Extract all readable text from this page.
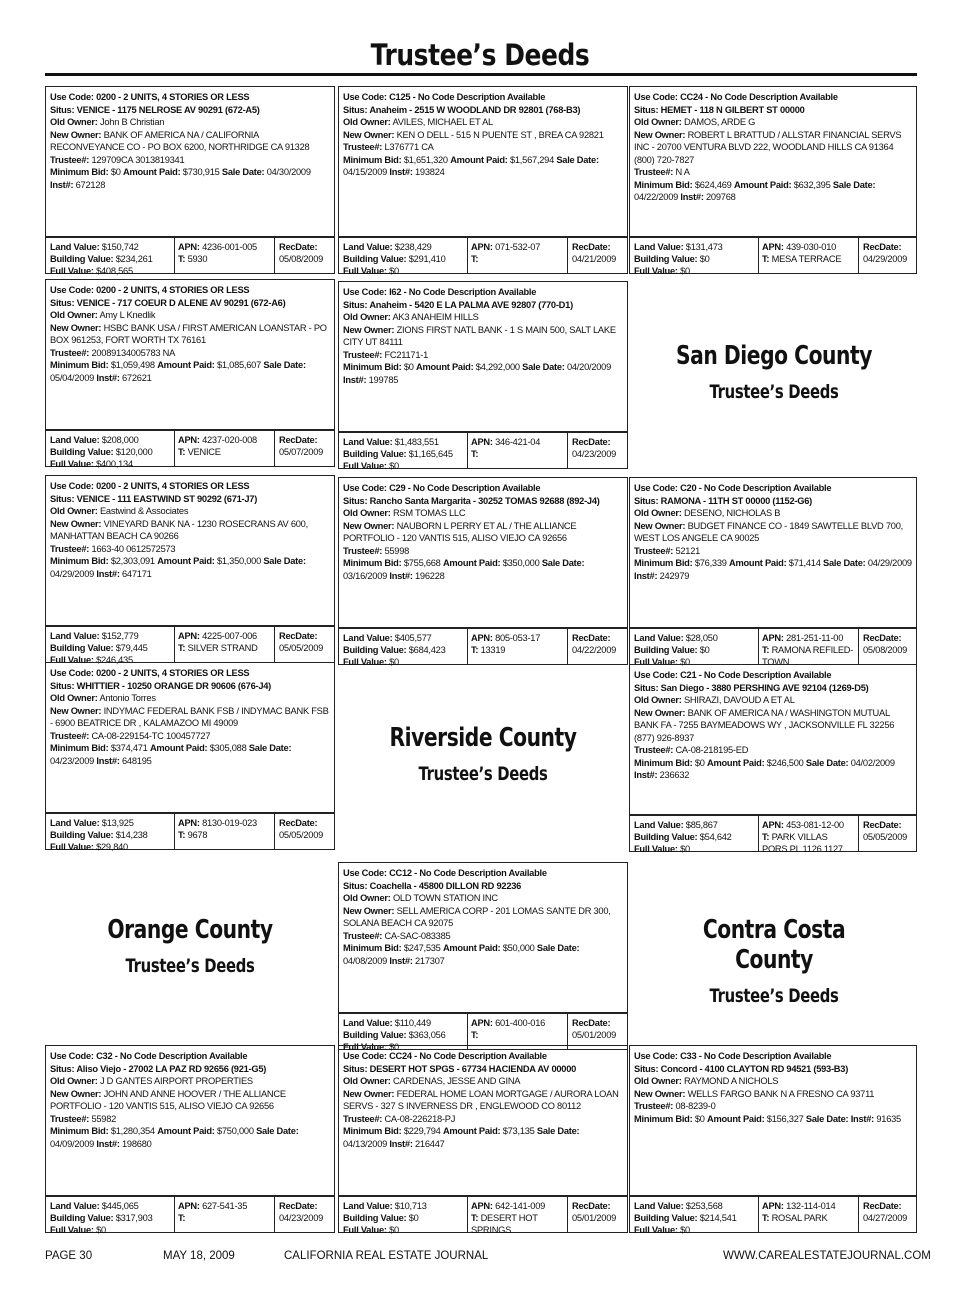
Trustee’s Deeds
Use Code: 0200 - 2 UNITS, 4 STORIES OR LESS
Situs: VENICE - 1175 NELROSE AV 90291 (672-A5)
Old Owner: John B Christian
New Owner: BANK OF AMERICA NA / CALIFORNIA RECONVEYANCE CO - PO BOX 6200, NORTHRIDGE CA 91328
Trustee#: 129709CA 3013819341
Minimum Bid: $0 Amount Paid: $730,915 Sale Date: 04/30/2009 Inst#: 672128
Land Value: $150,742
Building Value: $234,261
Full Value: $408,565
APN: 4236-001-005
T: 5930
RecDate:
05/08/2009
Use Code: 0200 - 2 UNITS, 4 STORIES OR LESS
Situs: VENICE - 717 COEUR D ALENE AV 90291 (672-A6)
Old Owner: Amy L Knedlik
New Owner: HSBC BANK USA / FIRST AMERICAN LOANSTAR - PO BOX 961253, FORT WORTH TX 76161
Trustee#: 20089134005783 NA
Minimum Bid: $1,059,498 Amount Paid: $1,085,607 Sale Date: 05/04/2009 Inst#: 672621
Land Value: $208,000
Building Value: $120,000
Full Value: $400,134
APN: 4237-020-008
T: VENICE
RecDate:
05/07/2009
Use Code: 0200 - 2 UNITS, 4 STORIES OR LESS
Situs: VENICE - 111 EASTWIND ST 90292 (671-J7)
Old Owner: Eastwind & Associates
New Owner: VINEYARD BANK NA - 1230 ROSECRANS AV 600, MANHATTAN BEACH CA 90266
Trustee#: 1663-40 0612572573
Minimum Bid: $2,303,091 Amount Paid: $1,350,000 Sale Date: 04/29/2009 Inst#: 647171
Land Value: $152,779
Building Value: $79,445
Full Value: $246,435
APN: 4225-007-006
T: SILVER STRAND
RecDate:
05/05/2009
Use Code: 0200 - 2 UNITS, 4 STORIES OR LESS
Situs: WHITTIER - 10250 ORANGE DR 90606 (676-J4)
Old Owner: Antonio Torres
New Owner: INDYMAC FEDERAL BANK FSB / INDYMAC BANK FSB - 6900 BEATRICE DR , KALAMAZOO MI 49009
Trustee#: CA-08-229154-TC 100457727
Minimum Bid: $374,471 Amount Paid: $305,088 Sale Date: 04/23/2009 Inst#: 648195
Land Value: $13,925
Building Value: $14,238
Full Value: $29,840
APN: 8130-019-023
T: 9678
RecDate:
05/05/2009
Use Code: C32 - No Code Description Available
Situs: Aliso Viejo - 27002 LA PAZ RD 92656 (921-G5)
Old Owner: J D GANTES AIRPORT PROPERTIES
New Owner: JOHN AND ANNE HOOVER / THE ALLIANCE PORTFOLIO - 120 VANTIS 515, ALISO VIEJO CA 92656
Trustee#: 55982
Minimum Bid: $1,280,354 Amount Paid: $750,000 Sale Date: 04/09/2009 Inst#: 198680
Land Value: $445,065
Building Value: $317,903
Full Value: $0
APN: 627-541-35
T:
RecDate:
04/23/2009
Use Code: C125 - No Code Description Available
Situs: Anaheim - 2515 W WOODLAND DR 92801 (768-B3)
Old Owner: AVILES, MICHAEL ET AL
New Owner: KEN O DELL - 515 N PUENTE ST , BREA CA 92821
Trustee#: L376771 CA
Minimum Bid: $1,651,320 Amount Paid: $1,567,294 Sale Date: 04/15/2009 Inst#: 193824
Land Value: $238,429
Building Value: $291,410
Full Value: $0
APN: 071-532-07
T:
RecDate:
04/21/2009
Use Code: I62 - No Code Description Available
Situs: Anaheim - 5420 E LA PALMA AVE 92807 (770-D1)
Old Owner: AK3 ANAHEIM HILLS
New Owner: ZIONS FIRST NATL BANK - 1 S MAIN 500, SALT LAKE CITY UT 84111
Trustee#: FC21171-1
Minimum Bid: $0 Amount Paid: $4,292,000 Sale Date: 04/20/2009 Inst#: 199785
Land Value: $1,483,551
Building Value: $1,165,645
Full Value: $0
APN: 346-421-04
T:
RecDate:
04/23/2009
Use Code: C29 - No Code Description Available
Situs: Rancho Santa Margarita - 30252 TOMAS 92688 (892-J4)
Old Owner: RSM TOMAS LLC
New Owner: NAUBORN L PERRY ET AL / THE ALLIANCE PORTFOLIO - 120 VANTIS 515, ALISO VIEJO CA 92656
Trustee#: 55998
Minimum Bid: $755,668 Amount Paid: $350,000 Sale Date: 03/16/2009 Inst#: 196228
Land Value: $405,577
Building Value: $684,423
Full Value: $0
APN: 805-053-17
T: 13319
RecDate:
04/22/2009
Use Code: CC12 - No Code Description Available
Situs: Coachella - 45800 DILLON RD 92236
Old Owner: OLD TOWN STATION INC
New Owner: SELL AMERICA CORP - 201 LOMAS SANTE DR 300, SOLANA BEACH CA 92075
Trustee#: CA-SAC-083385
Minimum Bid: $247,535 Amount Paid: $50,000 Sale Date: 04/08/2009 Inst#: 217307
Land Value: $110,449
Building Value: $363,056
Full Value: $0
APN: 601-400-016
T:
RecDate:
05/01/2009
Use Code: CC24 - No Code Description Available
Situs: DESERT HOT SPGS - 67734 HACIENDA AV 00000
Old Owner: CARDENAS, JESSE AND GINA
New Owner: FEDERAL HOME LOAN MORTGAGE / AURORA LOAN SERVS - 327 S INVERNESS DR , ENGLEWOOD CO 80112
Trustee#: CA-08-226218-PJ
Minimum Bid: $229,794 Amount Paid: $73,135 Sale Date: 04/13/2009 Inst#: 216447
Land Value: $10,713
Building Value: $0
Full Value: $0
APN: 642-141-009
T: DESERT HOT SPRINGS
RecDate:
05/01/2009
Use Code: CC24 - No Code Description Available
Situs: HEMET - 118 N GILBERT ST 00000
Old Owner: DAMOS, ARDE G
New Owner: ROBERT L BRATTUD / ALLSTAR FINANCIAL SERVS INC - 20700 VENTURA BLVD 222, WOODLAND HILLS CA 91364 (800) 720-7827
Trustee#: N A
Minimum Bid: $624,469 Amount Paid: $632,395 Sale Date: 04/22/2009 Inst#: 209768
Land Value: $131,473
Building Value: $0
Full Value: $0
APN: 439-030-010
T: MESA TERRACE
RecDate:
04/29/2009
Use Code: C20 - No Code Description Available
Situs: RAMONA - 11TH ST 00000 (1152-G6)
Old Owner: DESENO, NICHOLAS B
New Owner: BUDGET FINANCE CO - 1849 SAWTELLE BLVD 700, WEST LOS ANGELE CA 90025
Trustee#: 52121
Minimum Bid: $76,339 Amount Paid: $71,414 Sale Date: 04/29/2009 Inst#: 242979
Land Value: $28,050
Building Value: $0
Full Value: $0
APN: 281-251-11-00
T: RAMONA REFILED-TOWN
RecDate:
05/08/2009
Use Code: C21 - No Code Description Available
Situs: San Diego - 3880 PERSHING AVE 92104 (1269-D5)
Old Owner: SHIRAZI, DAVOUD A ET AL
New Owner: BANK OF AMERICA NA / WASHINGTON MUTUAL BANK FA - 7255 BAYMEADOWS WY , JACKSONVILLE FL 32256 (877) 926-8937
Trustee#: CA-08-218195-ED
Minimum Bid: $0 Amount Paid: $246,500 Sale Date: 04/02/2009 Inst#: 236632
Land Value: $85,867
Building Value: $54,642
Full Value: $0
APN: 453-081-12-00
T: PARK VILLAS PORS PL 1126 1127
RecDate:
05/05/2009
Use Code: C33 - No Code Description Available
Situs: Concord - 4100 CLAYTON RD 94521 (593-B3)
Old Owner: RAYMOND A NICHOLS
New Owner: WELLS FARGO BANK N A FRESNO CA 93711
Trustee#: 08-8239-0
Minimum Bid: $0 Amount Paid: $156,327 Sale Date: Inst#: 91635
Land Value: $253,568
Building Value: $214,541
Full Value: $0
APN: 132-114-014
T: ROSAL PARK
RecDate:
04/27/2009
San Diego County
Trustee’s Deeds
Riverside County
Trustee’s Deeds
Orange County
Trustee’s Deeds
Contra Costa County
Trustee’s Deeds
PAGE 30	MAY 18, 2009	CALIFORNIA REAL ESTATE JOURNAL	WWW.CAREALESTATEJOURNAL.COM
